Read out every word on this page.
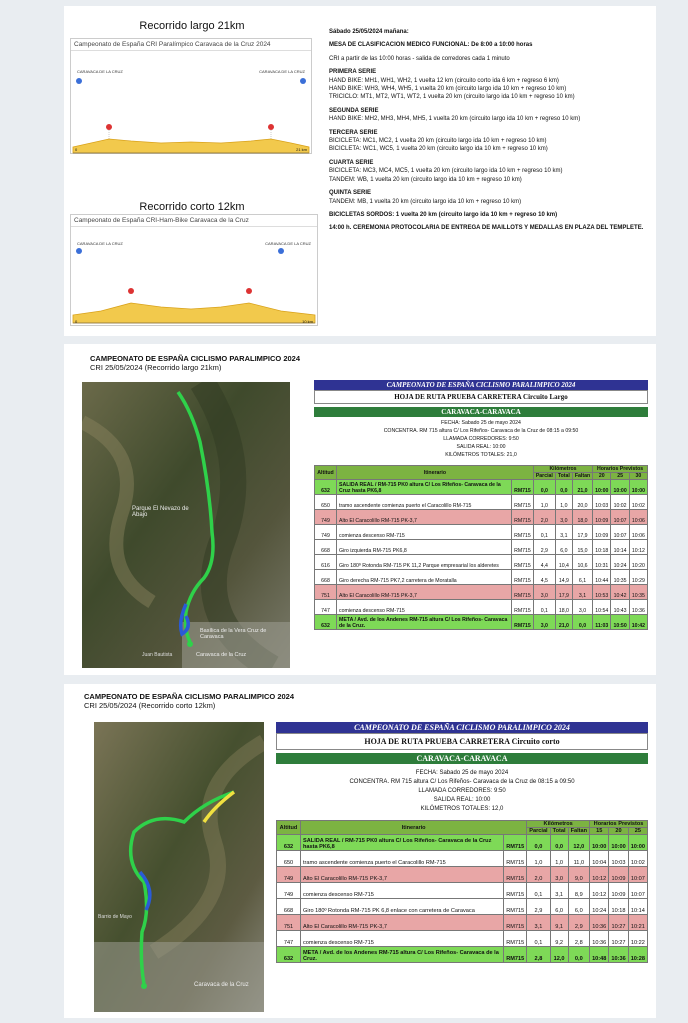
Recorrido largo 21km
Campeonato de España CRI Paralímpico Caravaca de la Cruz 2024
CARAVACA DE LA CRUZ	CARAVACA DE LA CRUZ
0	21 km
Recorrido corto 12km
Campeonato de España CRI-Ham-Bike Caravaca de la Cruz
CARAVACA DE LA CRUZ	CARAVACA DE LA CRUZ
0	10 km
Sábado 25/05/2024 mañana:
MESA DE CLASIFICACION MEDICO FUNCIONAL: De 8:00 a 10:00 horas
CRI a partir de las 10:00 horas - salida de corredores cada 1 minuto
PRIMERA SERIE
HAND BIKE: MH1, WH1, WH2, 1 vuelta 12 km (circuito corto ida 6 km + regreso 6 km)
HAND BIKE: WH3, WH4, WH5, 1 vuelta 20 km (circuito largo ida 10 km + regreso 10 km)
TRICICLO: MT1, MT2, WT1, WT2, 1 vuelta 20 km (circuito largo ida 10 km + regreso 10 km)
SEGUNDA SERIE
HAND BIKE: MH2, MH3, MH4, MH5, 1 vuelta 20 km (circuito largo ida 10 km + regreso 10 km)
TERCERA SERIE
BICICLETA: MC1, MC2, 1 vuelta 20 km (circuito largo ida 10 km + regreso 10 km)
BICICLETA: WC1, WC5, 1 vuelta 20 km (circuito largo ida 10 km + regreso 10 km)
CUARTA SERIE
BICICLETA: MC3, MC4, MC5, 1 vuelta 20 km (circuito largo ida 10 km + regreso 10 km)
TANDEM: WB, 1 vuelta 20 km (circuito largo ida 10 km + regreso 10 km)
QUINTA SERIE
TANDEM: MB, 1 vuelta 20 km (circuito largo ida 10 km + regreso 10 km)
BICICLETAS SORDOS: 1 vuelta 20 km (circuito largo ida 10 km + regreso 10 km)
14:00 h. CEREMONIA PROTOCOLARIA DE ENTREGA DE MAILLOTS Y MEDALLAS EN PLAZA DEL TEMPLETE.
CAMPEONATO DE ESPAÑA CICLISMO PARALIMPICO 2024
CRI 25/05/2024 (Recorrido largo 21km)
Parque El Nevazo de Abajo
Basílica de la Vera Cruz de Caravaca
Caravaca de la Cruz
Juan Bautista
CAMPEONATO DE ESPAÑA CICLISMO PARALIMPICO 2024
HOJA DE RUTA PRUEBA CARRETERA Circuito Largo
CARAVACA-CARAVACA
FECHA: Sabado 25 de mayo 2024
CONCENTRA. RM 715 altura C/ Los Rifeños- Caravaca de la Cruz de 08:15 a 09:50
LLAMADA CORREDORES: 9:50
SALIDA REAL: 10:00
KILÓMETROS TOTALES: 21,0
Altitud	Itinerario		Kilómetros			Horarios Previstos		
			Parcial	Total	Faltan	20	25	30
632	SALIDA REAL / RM-715 PK0 altura C/ Los Rifeños- Caravaca de la Cruz hasta PK6,8	RM715	0,0	0,0	21,0	10:00	10:00	10:00
650	tramo ascendente comienza puerto el Caracolillo RM-715	RM715	1,0	1,0	20,0	10:03	10:02	10:02
749	Alto El Caracolillo RM-715 PK-3,7	RM715	2,0	3,0	18,0	10:09	10:07	10:06
749	comienza descenso RM-715	RM715	0,1	3,1	17,9	10:09	10:07	10:06
668	Giro izquierda RM-715 PK6,8	RM715	2,9	6,0	15,0	10:18	10:14	10:12
616	Giro 180º Rotonda RM-715 PK 11,2 Parque empresarial los alderetes	RM715	4,4	10,4	10,6	10:31	10:24	10:20
668	Giro derecha RM-715 PK7,2 carretera de Moratalla	RM715	4,5	14,9	6,1	10:44	10:35	10:29
751	Alto El Caracolillo RM-715 PK-3,7	RM715	3,0	17,9	3,1	10:53	10:42	10:35
747	comienza descenso RM-715	RM715	0,1	18,0	3,0	10:54	10:43	10:36
632	META / Avd. de los Andenes RM-715 altura C/ Los Rifeños- Caravaca de la Cruz.	RM715	3,0	21,0	0,0	11:03	10:50	10:42
CAMPEONATO DE ESPAÑA CICLISMO PARALIMPICO 2024
CRI 25/05/2024 (Recorrido corto 12km)
Caravaca de la Cruz
Barrio de Mayo
CAMPEONATO DE ESPAÑA CICLISMO PARALIMPICO 2024
HOJA DE RUTA PRUEBA CARRETERA Circuito corto
CARAVACA-CARAVACA
FECHA: Sabado 25 de mayo 2024
CONCENTRA. RM 715 altura C/ Los Rifeños- Caravaca de la Cruz de 08:15 a 09:50
LLAMADA CORREDORES: 9:50
SALIDA REAL: 10:00
KILÓMETROS TOTALES: 12,0
Altitud	Itinerario		Kilómetros			Horarios Previstos		
			Parcial	Total	Faltan	15	20	25
632	SALIDA REAL / RM-715 PK0 altura C/ Los Rifeños- Caravaca de la Cruz hasta PK6,8	RM715	0,0	0,0	12,0	10:00	10:00	10:00
650	tramo ascendente comienza puerto el Caracolillo RM-715	RM715	1,0	1,0	11,0	10:04	10:03	10:02
749	Alto El Caracolillo RM-715 PK-3,7	RM715	2,0	3,0	9,0	10:12	10:09	10:07
749	comienza descenso RM-715	RM715	0,1	3,1	8,9	10:12	10:09	10:07
668	Giro 180º Rotonda RM-715 PK 6,8 enlace con carretera de Caravaca	RM715	2,9	6,0	6,0	10:24	10:18	10:14
751	Alto El Caracolillo RM-715 PK-3,7	RM715	3,1	9,1	2,9	10:36	10:27	10:21
747	comienza descenso RM-715	RM715	0,1	9,2	2,8	10:36	10:27	10:22
632	META / Avd. de los Andenes RM-715 altura C/ Los Rifeños- Caravaca de la Cruz.	RM715	2,8	12,0	0,0	10:48	10:36	10:28
